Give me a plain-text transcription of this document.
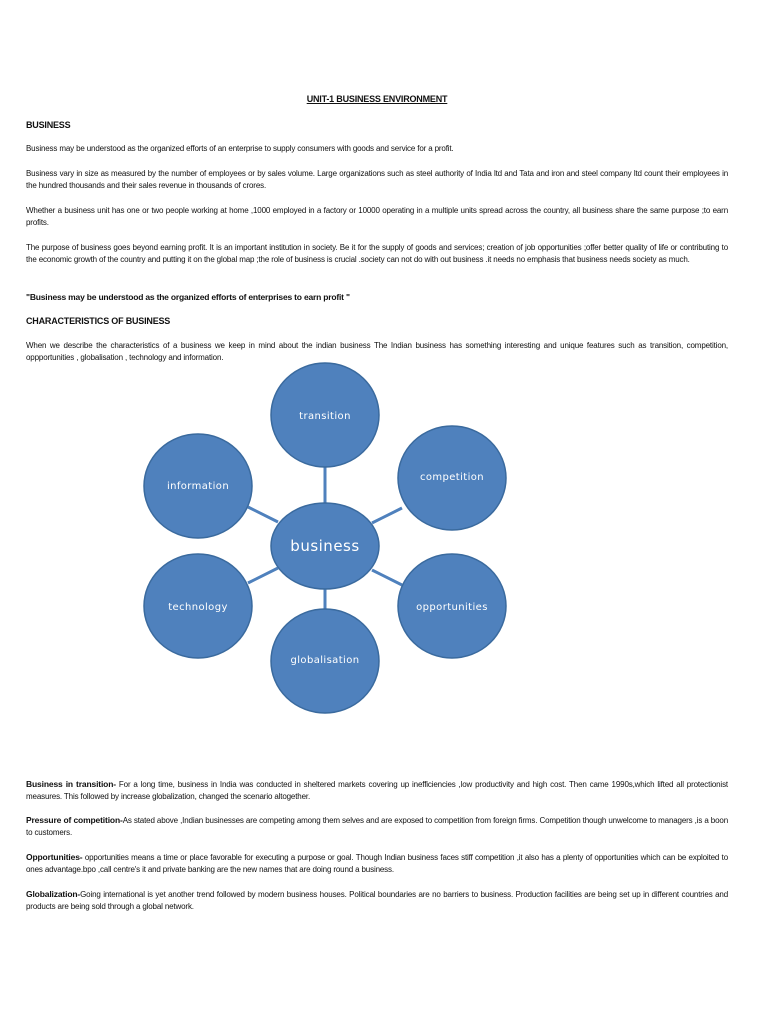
UNIT-1 BUSINESS ENVIRONMENT
BUSINESS
Business may be understood as the organized efforts of an enterprise to supply consumers with goods and service for a profit.
Business vary in size as measured by the number of employees or by sales volume. Large organizations such as steel authority of India ltd and Tata and iron and steel company ltd count their employees in the hundred thousands and their sales revenue in thousands of crores.
Whether a business unit has one or two people working at home ,1000 employed in a factory or 10000 operating in a multiple units spread across the country, all business share the same purpose ;to earn profits.
The purpose of business goes beyond earning profit. It is an important institution in society. Be it for the supply of goods and services; creation of job opportunities ;offer better quality of life or contributing to the economic growth of the country and putting it on the global map ;the role of business is crucial .society can not do with out business .it needs no emphasis that business needs society as much.
"Business may be understood as the organized efforts of enterprises to earn profit "
CHARACTERISTICS OF BUSINESS
When we describe the characteristics of a business we keep in mind about the indian business The Indian business has something interesting and unique features such as transition, competition, oppportunities , globalisation , technology and information.
Business in transition- For a long time, business in India was conducted in sheltered markets covering up inefficiencies ,low productivity and high cost. Then came 1990s,which lifted all protectionist measures. This followed by increase globalization, changed the scenario altogether.
Pressure of competition-As stated above ,Indian businesses are competing among them selves and are exposed to competition from foreign firms. Competition though unwelcome to managers ,is a boon to customers.
Opportunities- opportunities means a time or place favorable for executing a purpose or goal. Though Indian business faces stiff competition ,it also has a plenty of opportunities which can be exploited to ones advantage.bpo ,call centre's it and private banking are the new names that are doing round a business.
Globalization-Going international is yet another trend followed by modern business houses. Political boundaries are no barriers to business. Production facilities are being set up in different countries and products are being sold through a global network.
transition
competition
opportunities
globalisation
technology
information
business
